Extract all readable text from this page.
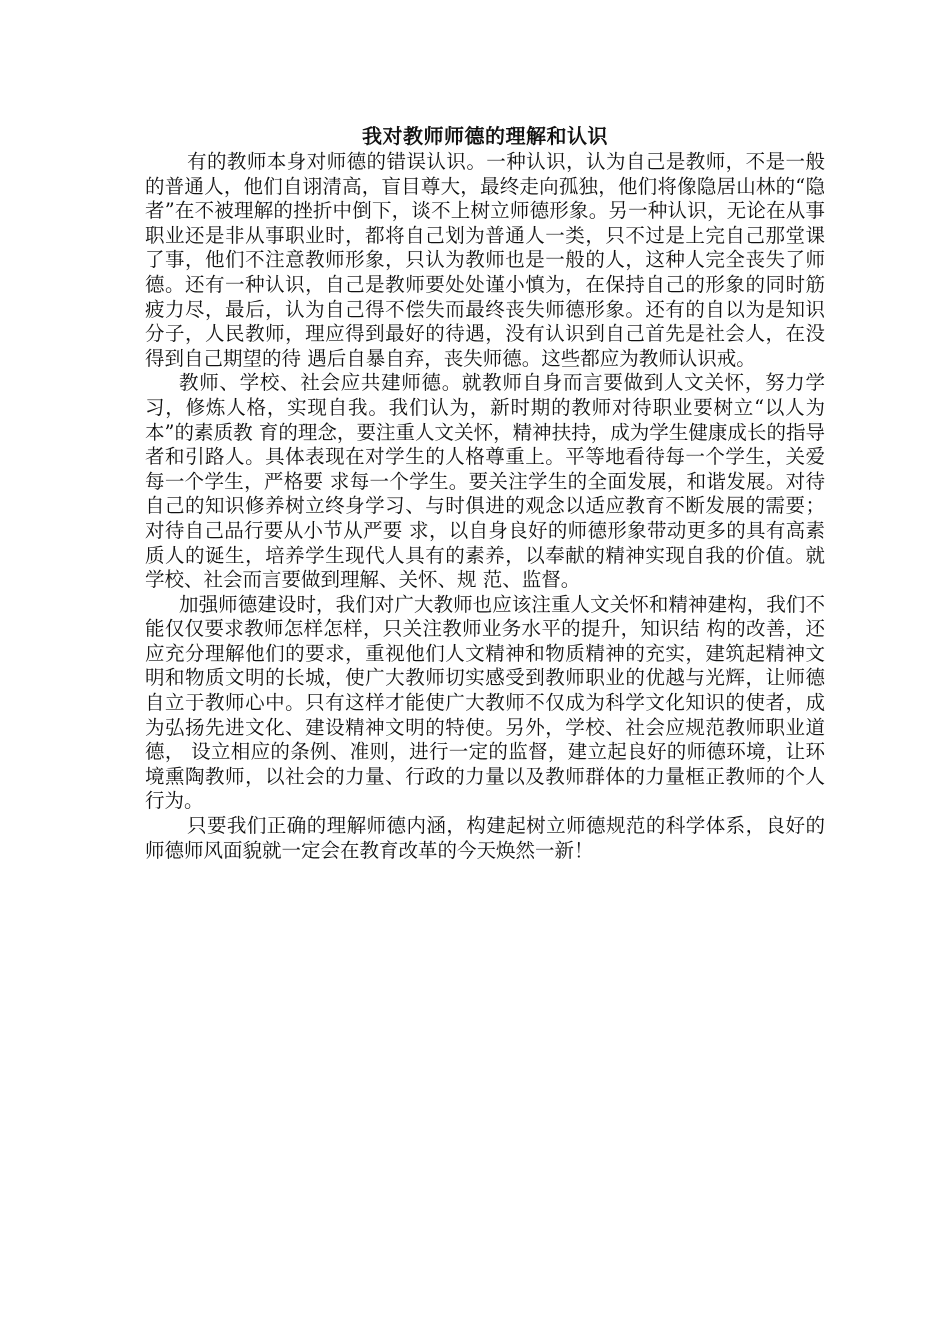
我对教师师德的理解和认识

有的教师本身对师德的错误认识。一种认识，认为自己是教师，不是一般的普通人，他们自诩清高，盲目尊大，最终走向孤独，他们将像隐居山林的“隐者”在不被理解的挫折中倒下，谈不上树立师德形象。另一种认识，无论在从事职业还是非从事职业时，都将自己划为普通人一类，只不过是上完自己那堂课 了事，他们不注意教师形象，只认为教师也是一般的人，这种人完全丧失了师德。还有一种认识，自己是教师要处处谨小慎为，在保持自己的形象的同时筋疲力尽，最后，认为自己得不偿失而最终丧失师德形象。还有的自以为是知识分子，人民教师，理应得到最好的待遇，没有认识到自己首先是社会人，在没得到自己期望的待 遇后自暴自弃，丧失师德。这些都应为教师认识戒。

教师、学校、社会应共建师德。就教师自身而言要做到人文关怀，努力学习，修炼人格，实现自我。我们认为，新时期的教师对待职业要树立“以人为本”的素质教 育的理念，要注重人文关怀，精神扶持，成为学生健康成长的指导者和引路人。具体表现在对学生的人格尊重上。平等地看待每一个学生，关爱每一个学生，严格要 求每一个学生。要关注学生的全面发展，和谐发展。对待自己的知识修养树立终身学习、与时俱进的观念以适应教育不断发展的需要；对待自己品行要从小节从严要 求，以自身良好的师德形象带动更多的具有高素质人的诞生，培养学生现代人具有的素养，以奉献的精神实现自我的价值。就学校、社会而言要做到理解、关怀、规 范、监督。

加强师德建设时，我们对广大教师也应该注重人文关怀和精神建构，我们不能仅仅要求教师怎样怎样，只关注教师业务水平的提升，知识结 构的改善，还应充分理解他们的要求，重视他们人文精神和物质精神的充实，建筑起精神文明和物质文明的长城，使广大教师切实感受到教师职业的优越与光辉，让师德自立于教师心中。只有这样才能使广大教师不仅成为科学文化知识的使者，成为弘扬先进文化、建设精神文明的特使。另外，学校、社会应规范教师职业道德， 设立相应的条例、准则，进行一定的监督，建立起良好的师德环境，让环境熏陶教师，以社会的力量、行政的力量以及教师群体的力量框正教师的个人行为。

只要我们正确的理解师德内涵，构建起树立师德规范的科学体系，良好的师德师风面貌就一定会在教育改革的今天焕然一新！
